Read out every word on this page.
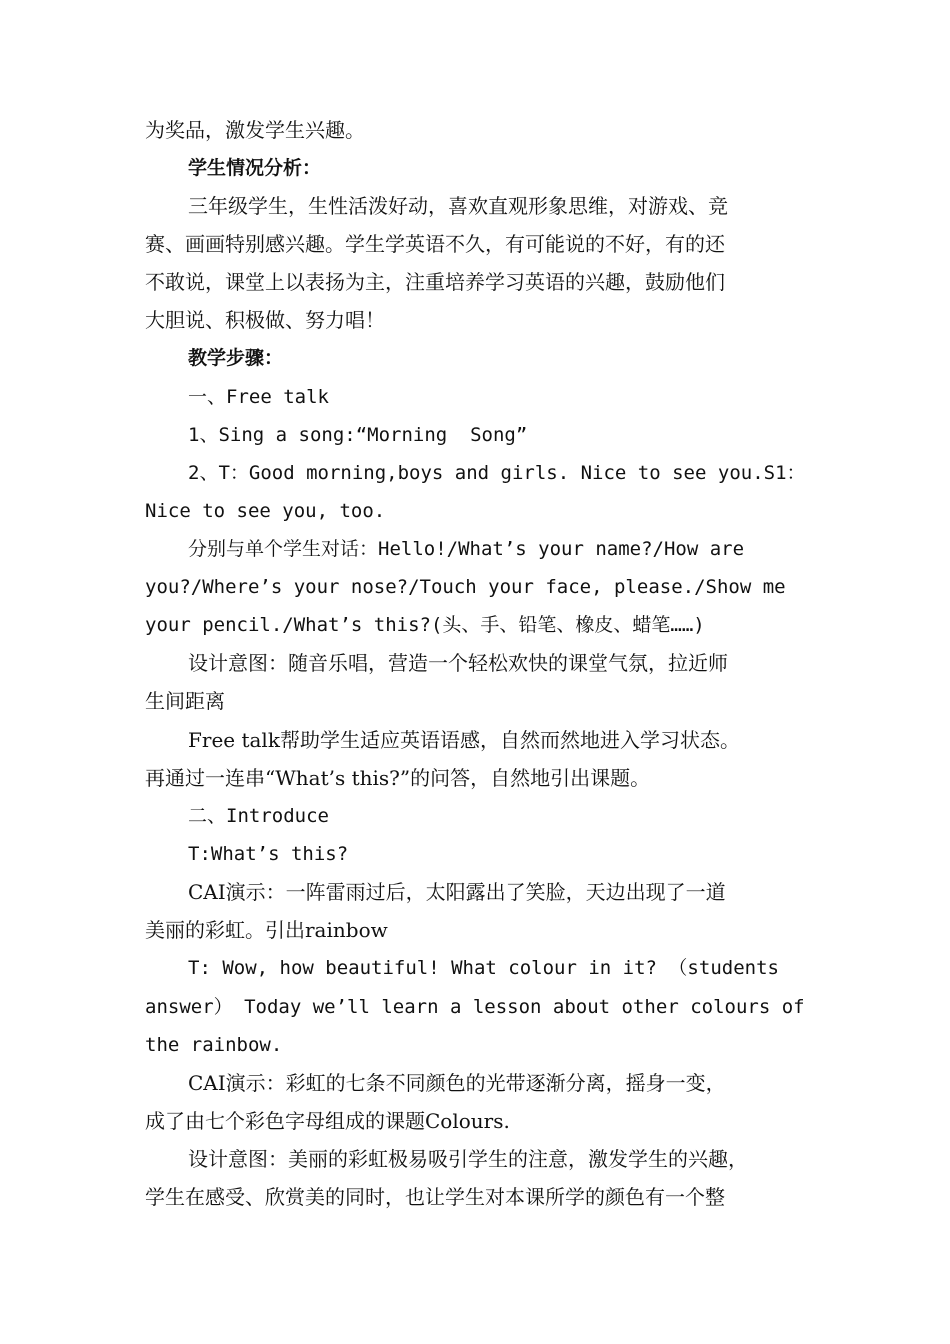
为奖品，激发学生兴趣。
学生情况分析：
三年级学生，生性活泼好动，喜欢直观形象思维，对游戏、竞
赛、画画特别感兴趣。学生学英语不久，有可能说的不好，有的还
不敢说，课堂上以表扬为主，注重培养学习英语的兴趣，鼓励他们
大胆说、积极做、努力唱！
教学步骤：
一、Free talk
1、Sing a song:“Morning  Song”
2、T：Good morning,boys and girls. Nice to see you.S1：
Nice to see you, too.
分别与单个学生对话：Hello!/What’s your name?/How are
you?/Where’s your nose?/Touch your face, please./Show me
your pencil./What’s this?(头、手、铅笔、橡皮、蜡笔……)
设计意图：随音乐唱，营造一个轻松欢快的课堂气氛，拉近师
生间距离
Free talk帮助学生适应英语语感，自然而然地进入学习状态。
再通过一连串“What’s this?”的问答，自然地引出课题。
二、Introduce
T:What’s this?
CAI演示：一阵雷雨过后，太阳露出了笑脸，天边出现了一道
美丽的彩虹。引出rainbow
T: Wow, how beautiful! What colour in it? （students
answer） Today we’ll learn a lesson about other colours of
the rainbow.
CAI演示：彩虹的七条不同颜色的光带逐渐分离，摇身一变，
成了由七个彩色字母组成的课题Colours.
设计意图：美丽的彩虹极易吸引学生的注意，激发学生的兴趣，
学生在感受、欣赏美的同时，也让学生对本课所学的颜色有一个整
